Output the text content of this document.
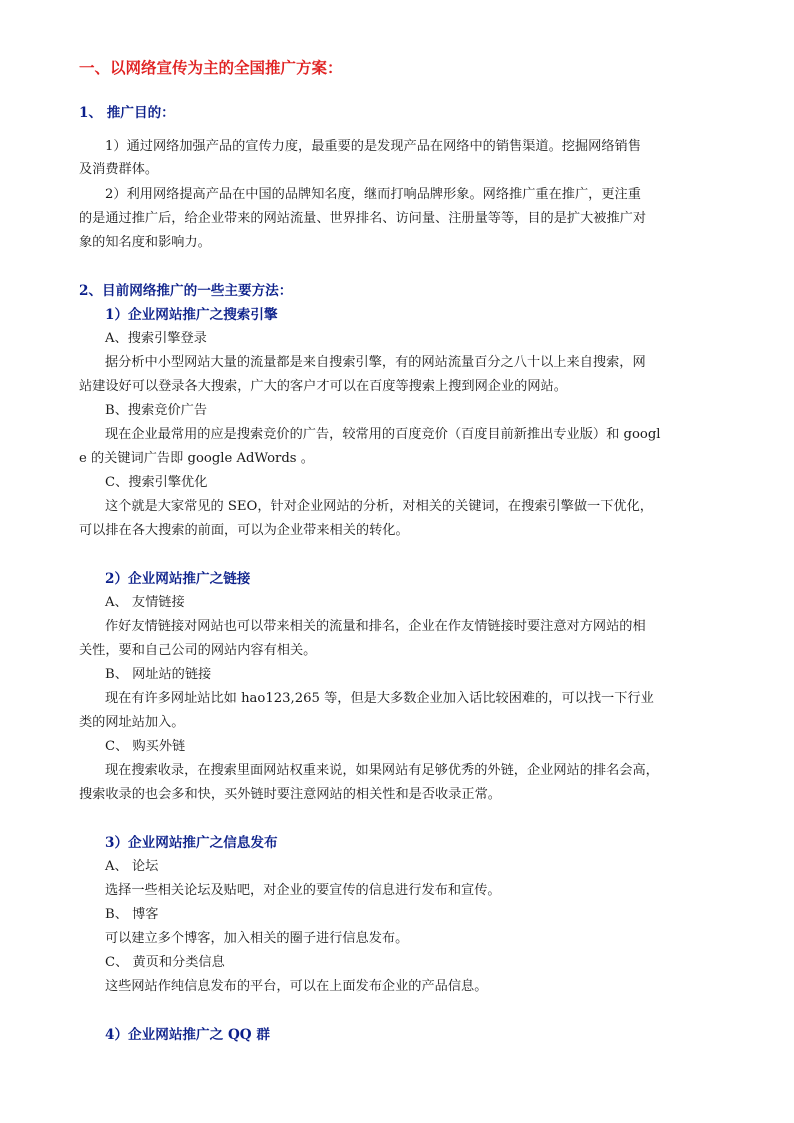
一、以网络宣传为主的全国推广方案：
1、 推广目的：
1）通过网络加强产品的宣传力度，最重要的是发现产品在网络中的销售渠道。挖掘网络销售
及消费群体。
2）利用网络提高产品在中国的品牌知名度，继而打响品牌形象。网络推广重在推广，更注重
的是通过推广后，给企业带来的网站流量、世界排名、访问量、注册量等等，目的是扩大被推广对
象的知名度和影响力。
2、目前网络推广的一些主要方法：
1）企业网站推广之搜索引擎
A、搜索引擎登录
据分析中小型网站大量的流量都是来自搜索引擎，有的网站流量百分之八十以上来自搜索，网
站建设好可以登录各大搜索，广大的客户才可以在百度等搜索上搜到网企业的网站。
B、搜索竞价广告
现在企业最常用的应是搜索竞价的广告，较常用的百度竞价（百度目前新推出专业版）和 googl
e 的关键词广告即 google AdWords 。
C、搜索引擎优化
这个就是大家常见的 SEO，针对企业网站的分析，对相关的关键词，在搜索引擎做一下优化，
可以排在各大搜索的前面，可以为企业带来相关的转化。
2）企业网站推广之链接
A、 友情链接
作好友情链接对网站也可以带来相关的流量和排名，企业在作友情链接时要注意对方网站的相
关性，要和自己公司的网站内容有相关。
B、 网址站的链接
现在有许多网址站比如 hao123,265 等，但是大多数企业加入话比较困难的，可以找一下行业
类的网址站加入。
C、 购买外链
现在搜索收录，在搜索里面网站权重来说，如果网站有足够优秀的外链，企业网站的排名会高，
搜索收录的也会多和快，买外链时要注意网站的相关性和是否收录正常。
3）企业网站推广之信息发布
A、 论坛
选择一些相关论坛及贴吧，对企业的要宣传的信息进行发布和宣传。
B、 博客
可以建立多个博客，加入相关的圈子进行信息发布。
C、 黄页和分类信息
这些网站作纯信息发布的平台，可以在上面发布企业的产品信息。
4）企业网站推广之 QQ 群
